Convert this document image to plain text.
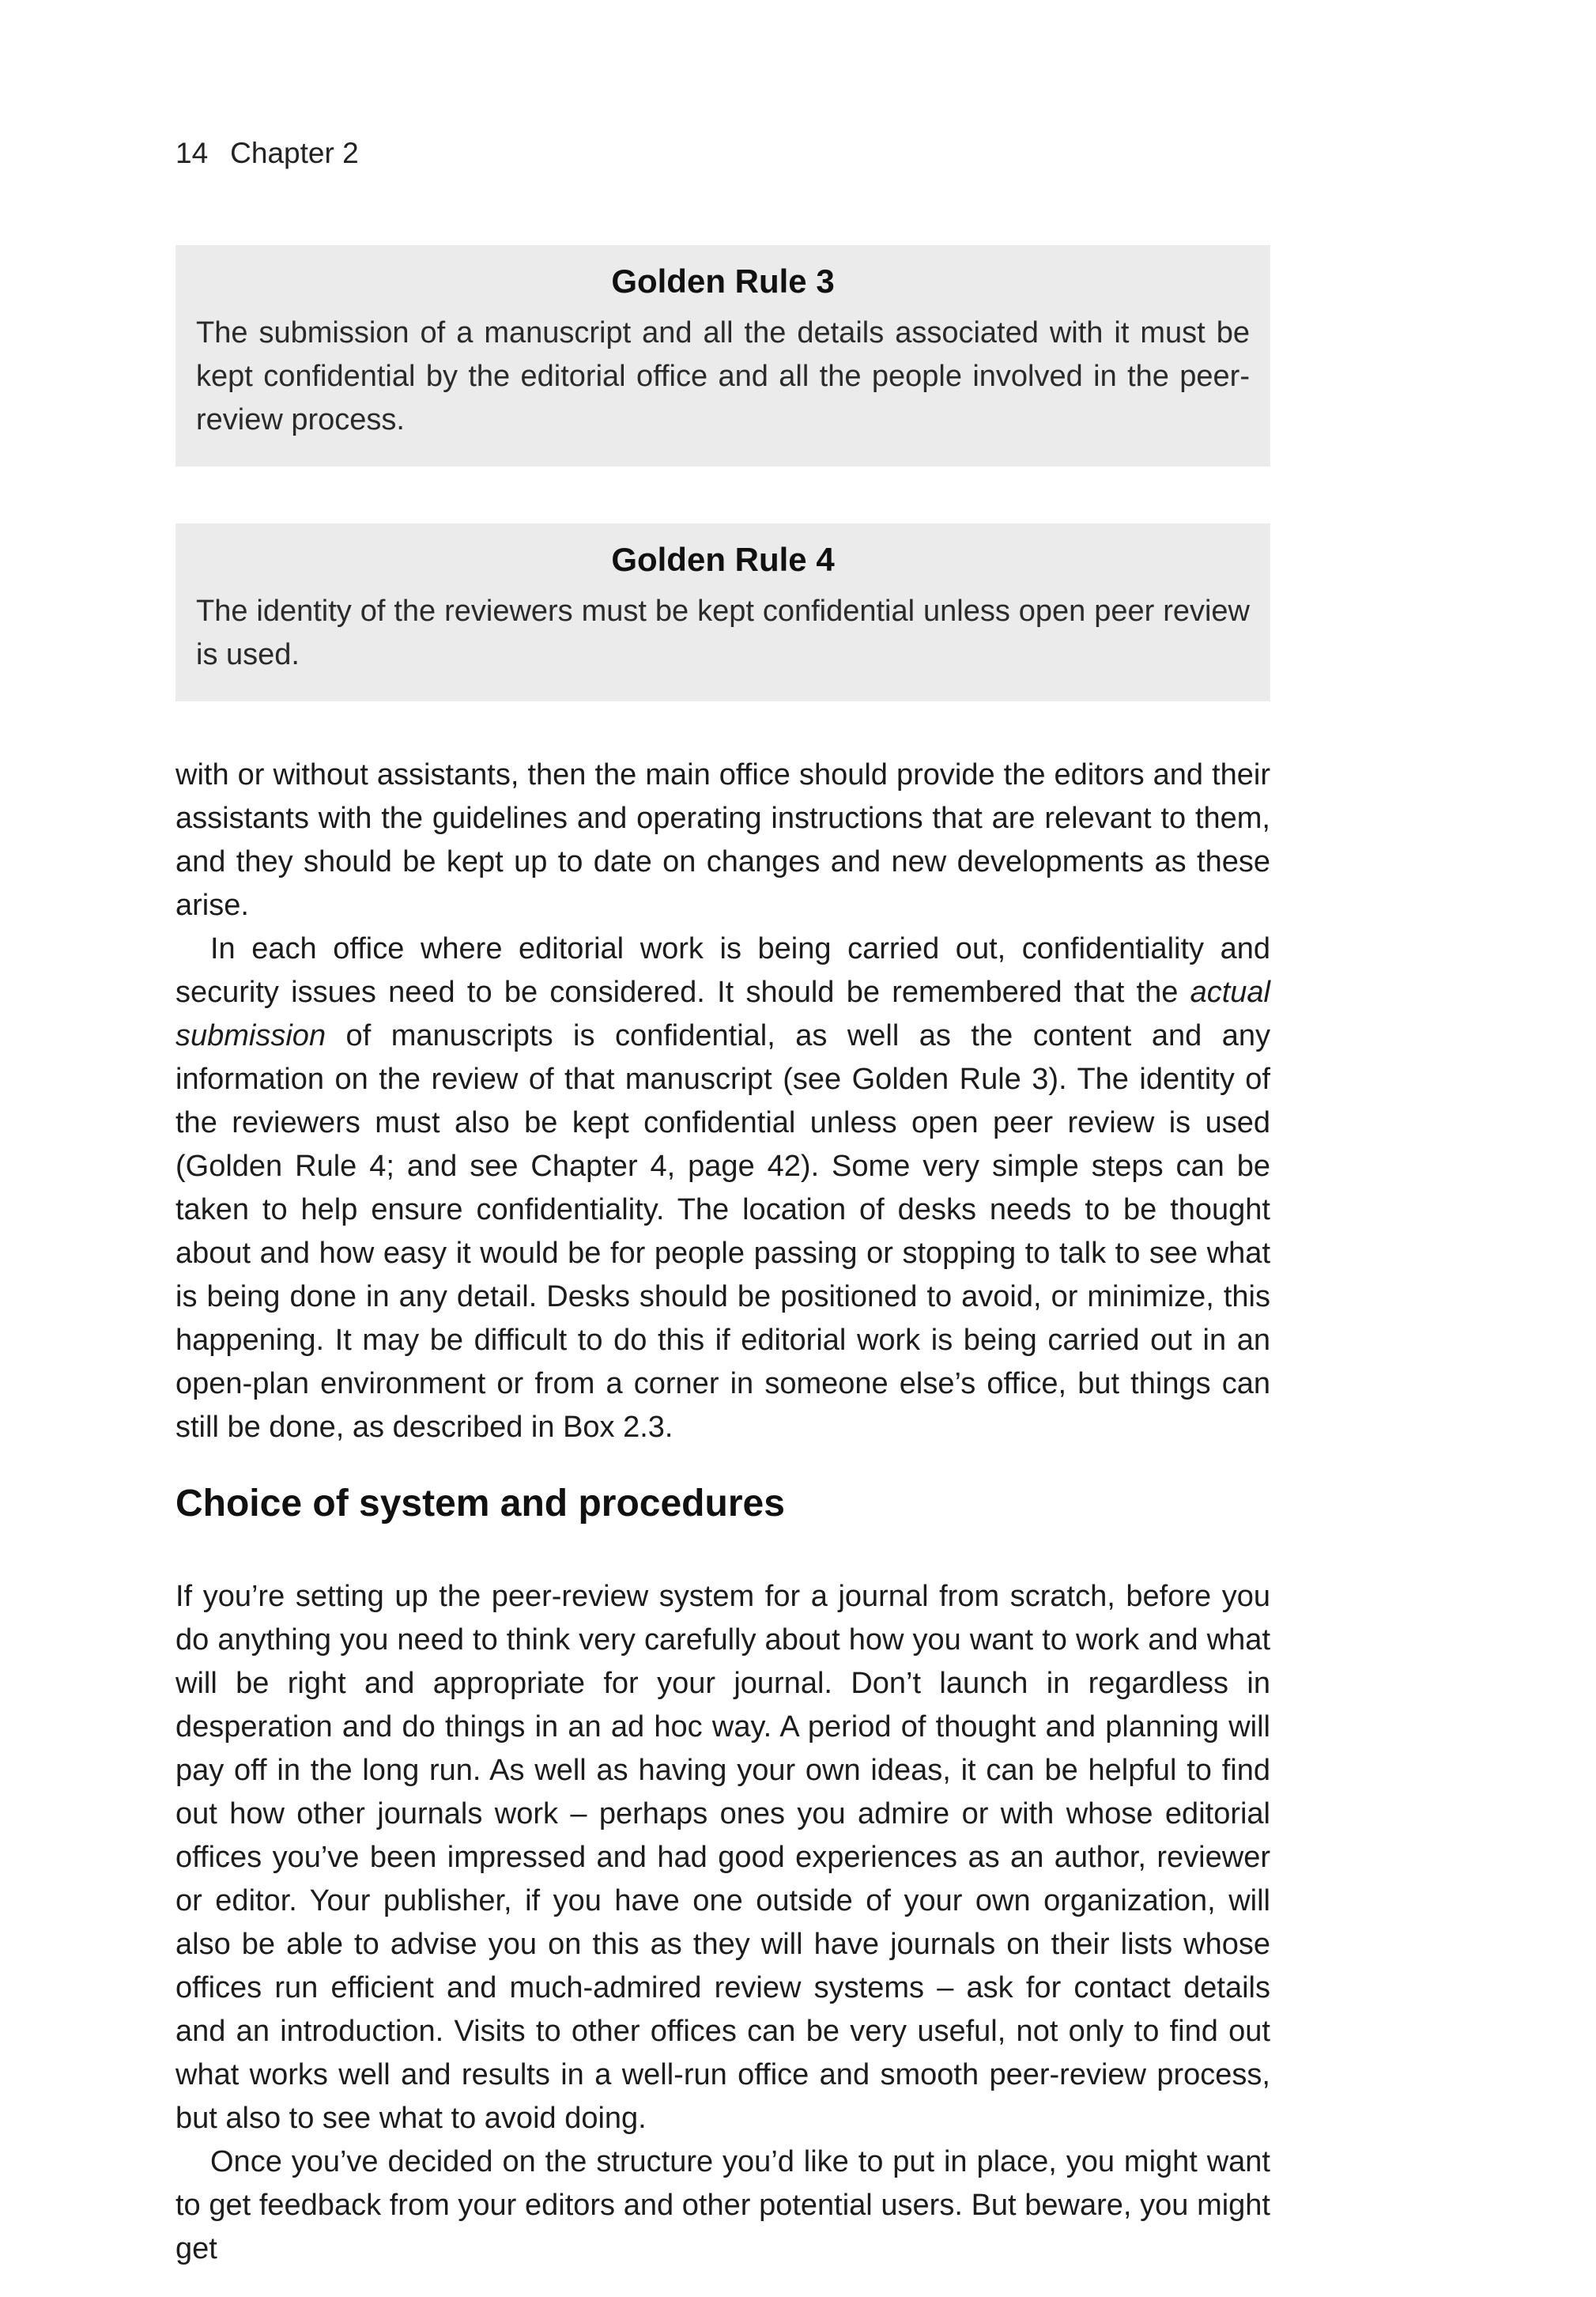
14 Chapter 2
Golden Rule 3
The submission of a manuscript and all the details associated with it must be kept confidential by the editorial office and all the people involved in the peer-review process.
Golden Rule 4
The identity of the reviewers must be kept confidential unless open peer review is used.

with or without assistants, then the main office should provide the editors and their assistants with the guidelines and operating instructions that are relevant to them, and they should be kept up to date on changes and new developments as these arise.

In each office where editorial work is being carried out, confidentiality and security issues need to be considered. It should be remembered that the actual submission of manuscripts is confidential, as well as the content and any information on the review of that manuscript (see Golden Rule 3). The identity of the reviewers must also be kept confidential unless open peer review is used (Golden Rule 4; and see Chapter 4, page 42). Some very simple steps can be taken to help ensure confidentiality. The location of desks needs to be thought about and how easy it would be for people passing or stopping to talk to see what is being done in any detail. Desks should be positioned to avoid, or minimize, this happening. It may be difficult to do this if editorial work is being carried out in an open-plan environment or from a corner in someone else’s office, but things can still be done, as described in Box 2.3.

Choice of system and procedures

If you’re setting up the peer-review system for a journal from scratch, before you do anything you need to think very carefully about how you want to work and what will be right and appropriate for your journal. Don’t launch in regardless in desperation and do things in an ad hoc way. A period of thought and planning will pay off in the long run. As well as having your own ideas, it can be helpful to find out how other journals work – perhaps ones you admire or with whose editorial offices you’ve been impressed and had good experiences as an author, reviewer or editor. Your publisher, if you have one outside of your own organization, will also be able to advise you on this as they will have journals on their lists whose offices run efficient and much-admired review systems – ask for contact details and an introduction. Visits to other offices can be very useful, not only to find out what works well and results in a well-run office and smooth peer-review process, but also to see what to avoid doing.

Once you’ve decided on the structure you’d like to put in place, you might want to get feedback from your editors and other potential users. But beware, you might get
